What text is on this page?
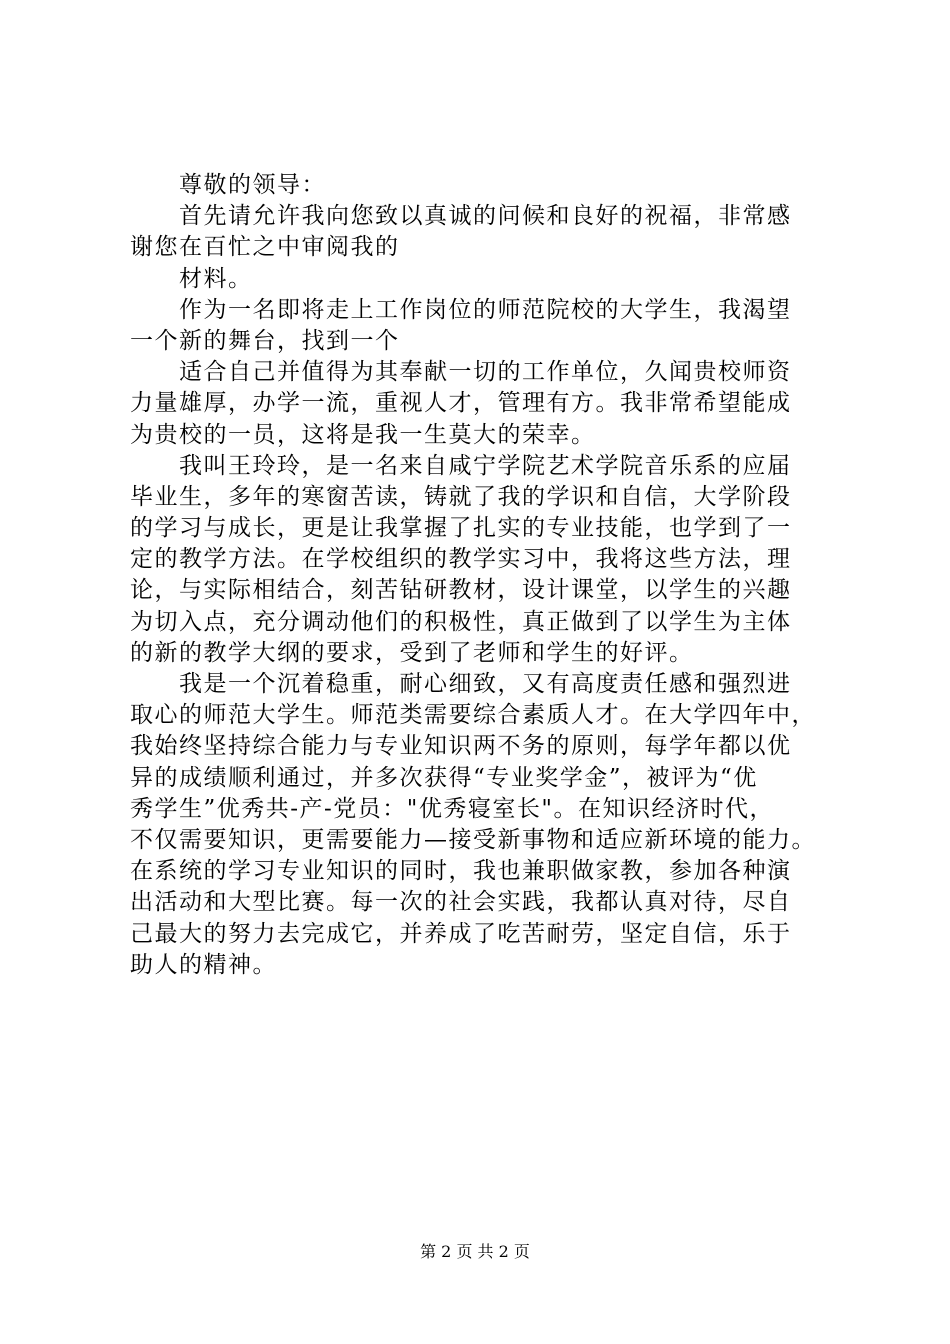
尊敬的领导：
首先请允许我向您致以真诚的问候和良好的祝福，非常感
谢您在百忙之中审阅我的
材料。
作为一名即将走上工作岗位的师范院校的大学生，我渴望
一个新的舞台，找到一个
适合自己并值得为其奉献一切的工作单位，久闻贵校师资
力量雄厚，办学一流，重视人才，管理有方。我非常希望能成
为贵校的一员，这将是我一生莫大的荣幸。
我叫王玲玲，是一名来自咸宁学院艺术学院音乐系的应届
毕业生，多年的寒窗苦读，铸就了我的学识和自信，大学阶段
的学习与成长，更是让我掌握了扎实的专业技能，也学到了一
定的教学方法。在学校组织的教学实习中，我将这些方法，理
论，与实际相结合，刻苦钻研教材，设计课堂，以学生的兴趣
为切入点，充分调动他们的积极性，真正做到了以学生为主体
的新的教学大纲的要求，受到了老师和学生的好评。
我是一个沉着稳重，耐心细致，又有高度责任感和强烈进
取心的师范大学生。师范类需要综合素质人才。在大学四年中，
我始终坚持综合能力与专业知识两不务的原则，每学年都以优
异的成绩顺利通过，并多次获得“专业奖学金”，被评为“优
秀学生”优秀共-产-党员："优秀寝室长"。在知识经济时代，
不仅需要知识，更需要能力—接受新事物和适应新环境的能力。
在系统的学习专业知识的同时，我也兼职做家教，参加各种演
出活动和大型比赛。每一次的社会实践，我都认真对待，尽自
己最大的努力去完成它，并养成了吃苦耐劳，坚定自信，乐于
助人的精神。
第 2 页 共 2 页
